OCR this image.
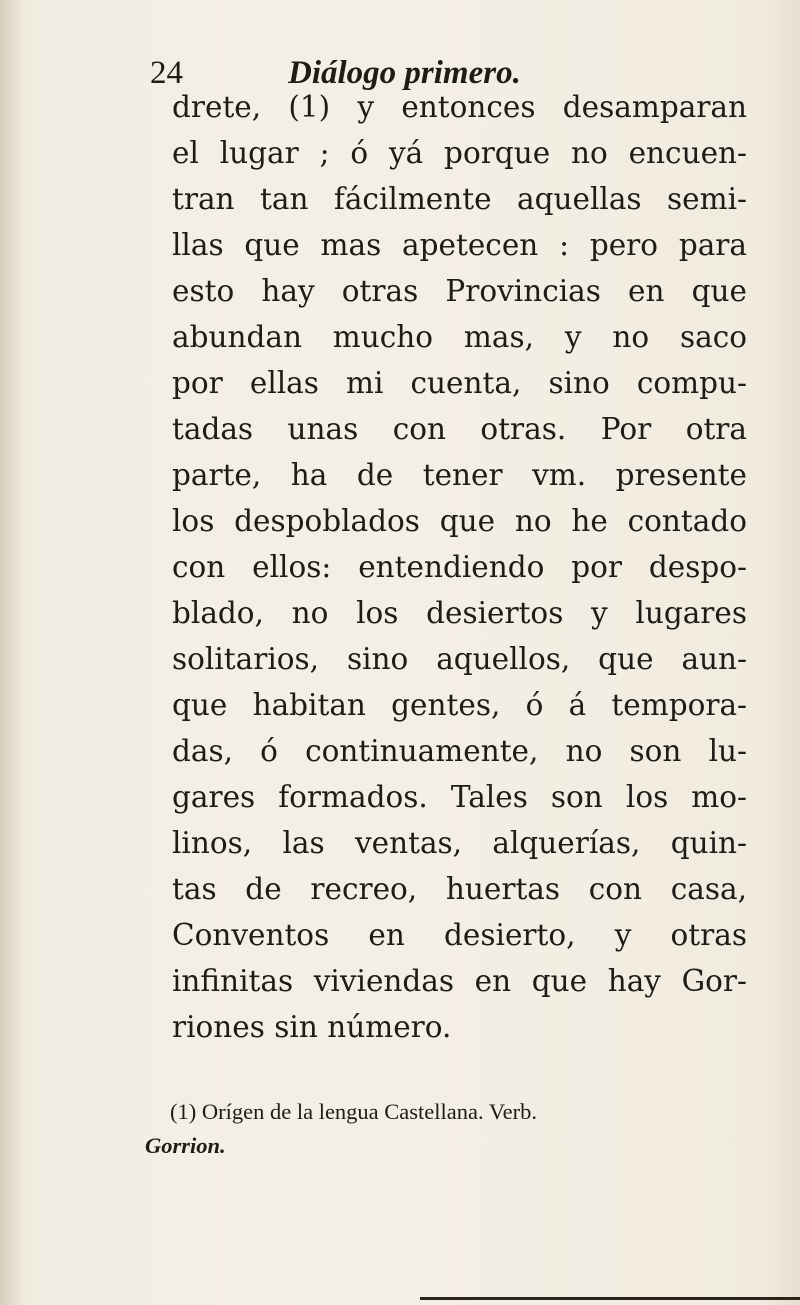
24	Diálogo primero.
drete, (1) y entonces desamparan
el lugar ; ó yá porque no encuen-
tran tan fácilmente aquellas semi-
llas que mas apetecen : pero para
esto hay otras Provincias en que
abundan mucho mas, y no saco
por ellas mi cuenta, sino compu-
tadas unas con otras. Por otra
parte, ha de tener vm. presente
los despoblados que no he contado
con ellos: entendiendo por despo-
blado, no los desiertos y lugares
solitarios, sino aquellos, que aun-
que habitan gentes, ó á tempora-
das, ó continuamente, no son lu-
gares formados. Tales son los mo-
linos, las ventas, alquerías, quin-
tas de recreo, huertas con casa,
Conventos en desierto, y otras
infinitas viviendas en que hay Gor-
riones sin número.
(1) Orígen de la lengua Castellana. Verb.
Gorrion.
